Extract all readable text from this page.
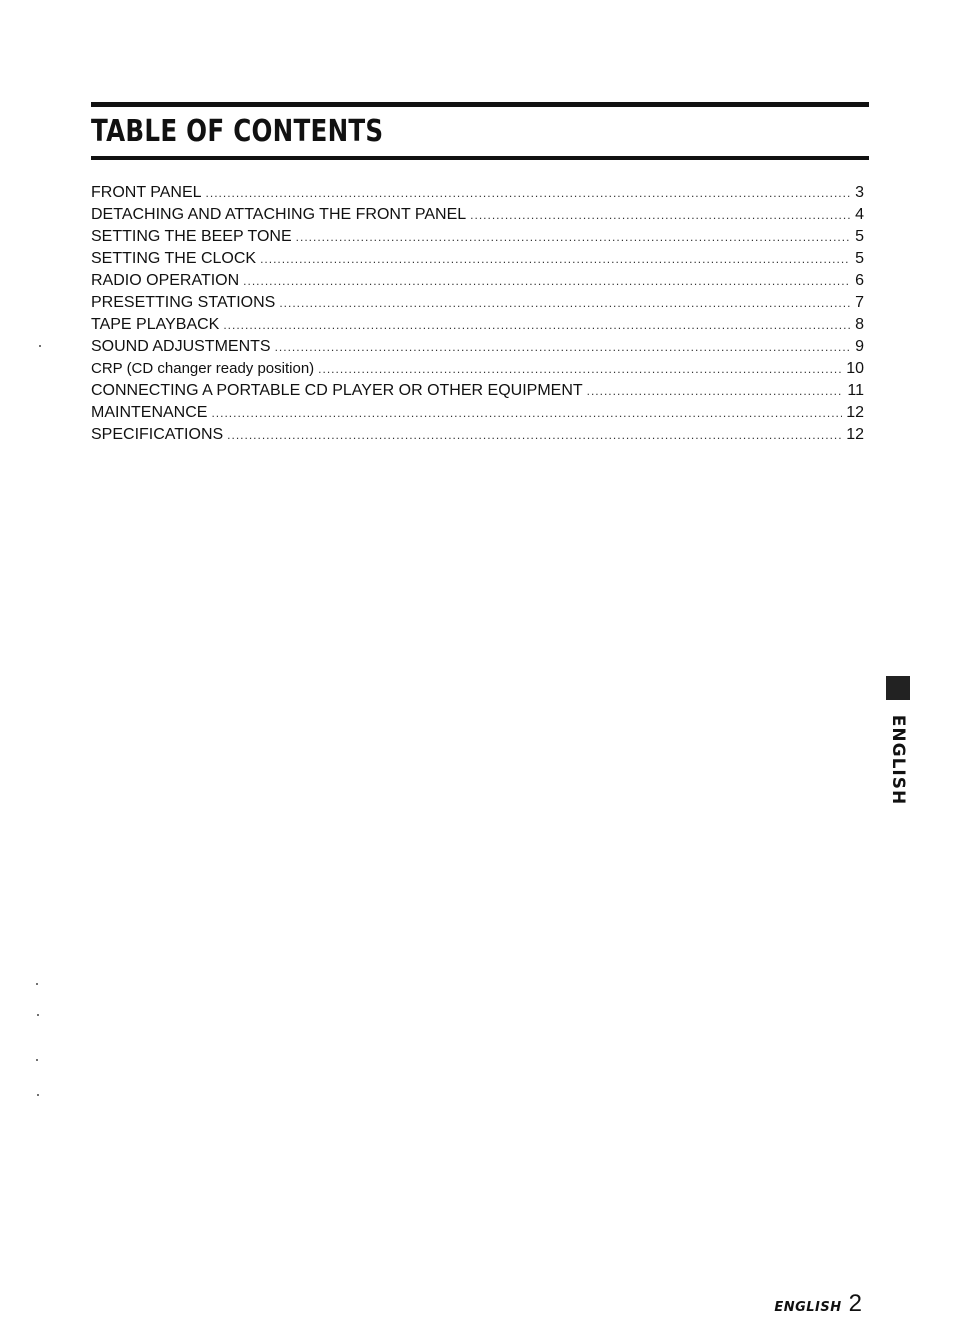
TABLE OF CONTENTS
FRONT PANEL .....	3
DETACHING AND ATTACHING THE FRONT PANEL .....	4
SETTING THE BEEP TONE .....	5
SETTING THE CLOCK .....	5
RADIO OPERATION .....	6
PRESETTING STATIONS .....	7
TAPE PLAYBACK .....	8
SOUND ADJUSTMENTS .....	9
CRP (CD changer ready position) .....	10
CONNECTING A PORTABLE CD PLAYER OR OTHER EQUIPMENT .....	11
MAINTENANCE .....	12
SPECIFICATIONS .....	12
ENGLISH
ENGLISH 2
